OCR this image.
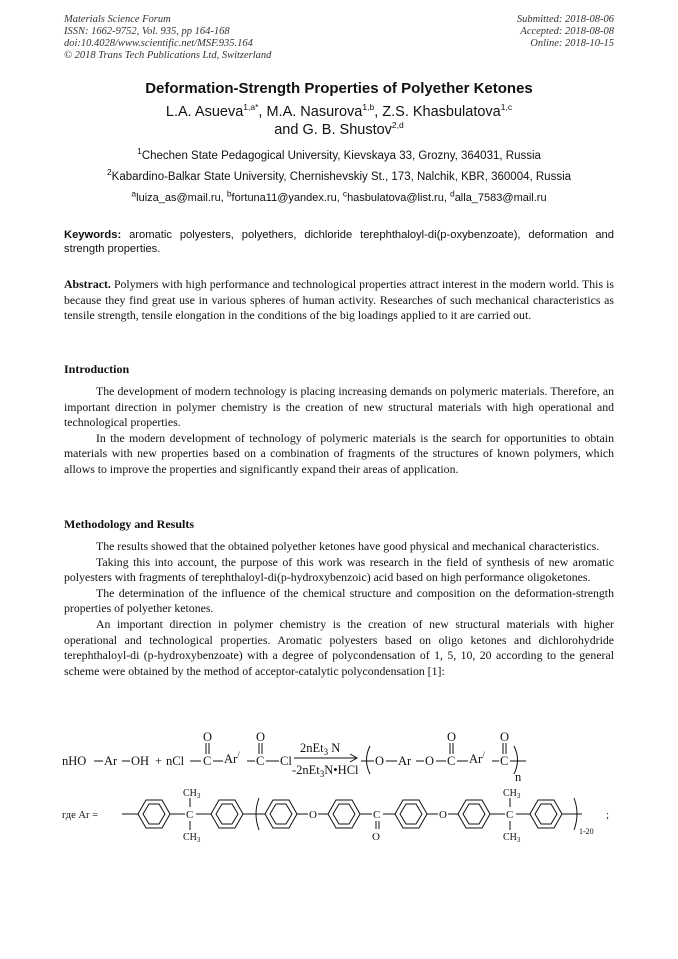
Materials Science Forum
ISSN: 1662-9752, Vol. 935, pp 164-168
doi:10.4028/www.scientific.net/MSF.935.164
© 2018 Trans Tech Publications Ltd, Switzerland
Submitted: 2018-08-06
Accepted: 2018-08-08
Online: 2018-10-15
Deformation-Strength Properties of Polyether Ketones
L.A. Asueva$^{1,a*}$, M.A. Nasurova$^{1,b}$, Z.S. Khasbulatova$^{1,c}$
and G. B. Shustov$^{2,d}$
$^1$Chechen State Pedagogical University, Kievskaya 33, Grozny, 364031, Russia
$^2$Kabardino-Balkar State University, Chernishevskiy St., 173, Nalchik, KBR, 360004, Russia
$^a$luiza_as@mail.ru, $^b$fortuna11@yandex.ru, $^c$hasbulatova@list.ru, $^d$alla_7583@mail.ru
Keywords: aromatic polyesters, polyethers, dichloride terephthaloyl-di(p-oxybenzoate), deformation and strength properties.
Abstract. Polymers with high performance and technological properties attract interest in the modern world. This is because they find great use in various spheres of human activity. Researches of such mechanical characteristics as tensile strength, tensile elongation in the conditions of the big loadings applied to it are carried out.
Introduction

The development of modern technology is placing increasing demands on polymeric materials. Therefore, an important direction in polymer chemistry is the creation of new structural materials with high operational and technological properties.

In the modern development of technology of polymeric materials is the search for opportunities to obtain materials with new properties based on a combination of fragments of the structures of known polymers, which allows to improve the properties and significantly expand their areas of application.

Methodology and Results

The results showed that the obtained polyether ketones have good physical and mechanical characteristics.

Taking this into account, the purpose of this work was research in the field of synthesis of new aromatic polyesters with fragments of terephthaloyl-di(p-hydroxybenzoic) acid based on high performance oligoketones.

The determination of the influence of the chemical structure and composition on the deformation-strength properties of polyether ketones.

An important direction in polymer chemistry is the creation of new structural materials with higher operational and technological properties. Aromatic polyesters based on oligo ketones and dichlorohydride terephthaloyl-di (p-hydroxybenzoate) with a degree of polycondensation of 1, 5, 10, 20 according to the general scheme were obtained by the method of acceptor-catalytic polycondensation [1]:

nHO Ar OH + nCl C
O
Ar/ C
O
Cl
2nEt$_3$ N
-2nEt$_3$N•HCl
O Ar O C
O
Ar/ C
O
n
где Ar =	C
$CH_3$
$CH_3$
O	C
O
O	C
$CH_3$
$CH_3$
1-20
;
